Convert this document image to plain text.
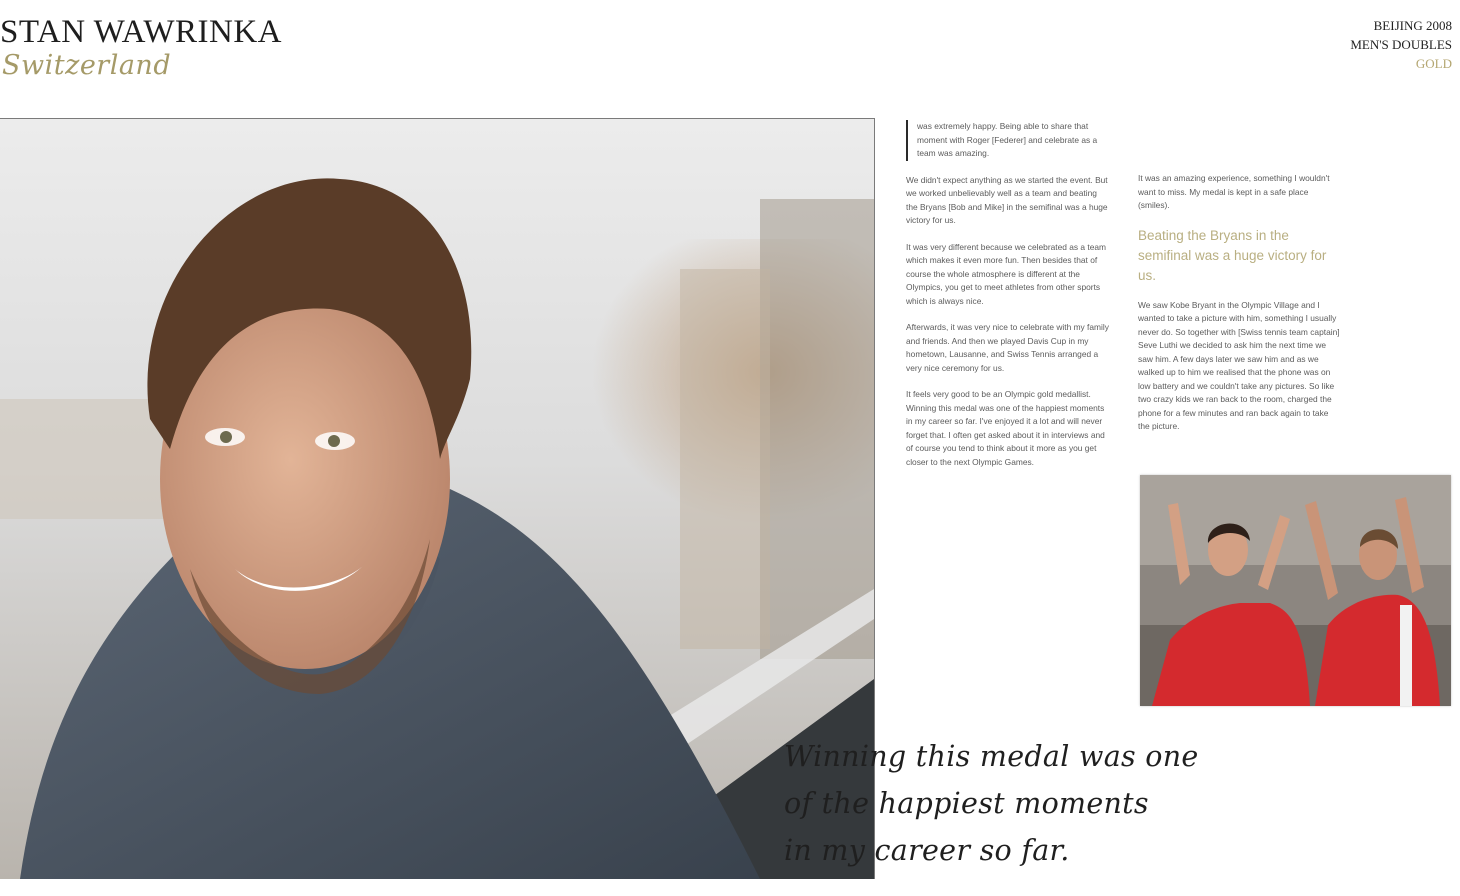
STAN WAWRINKA
Switzerland
BEIJING 2008
MEN'S DOUBLES
GOLD

was extremely happy. Being able to share that moment with Roger [Federer] and celebrate as a team was amazing.

We didn't expect anything as we started the event. But we worked unbelievably well as a team and beating the Bryans [Bob and Mike] in the semifinal was a huge victory for us.

It was very different because we celebrated as a team which makes it even more fun. Then besides that of course the whole atmosphere is different at the Olympics, you get to meet athletes from other sports which is always nice.

Afterwards, it was very nice to celebrate with my family and friends. And then we played Davis Cup in my hometown, Lausanne, and Swiss Tennis arranged a very nice ceremony for us.

It feels very good to be an Olympic gold medallist. Winning this medal was one of the happiest moments in my career so far. I've enjoyed it a lot and will never forget that. I often get asked about it in interviews and of course you tend to think about it more as you get closer to the next Olympic Games.

It was an amazing experience, something I wouldn't want to miss. My medal is kept in a safe place (smiles).

Beating the Bryans in the semifinal was a huge victory for us.

We saw Kobe Bryant in the Olympic Village and I wanted to take a picture with him, something I usually never do. So together with [Swiss tennis team captain] Seve Luthi we decided to ask him the next time we saw him. A few days later we saw him and as we walked up to him we realised that the phone was on low battery and we couldn't take any pictures. So like two crazy kids we ran back to the room, charged the phone for a few minutes and ran back again to take the picture.

Winning this medal was one
of the happiest moments
in my career so far.
